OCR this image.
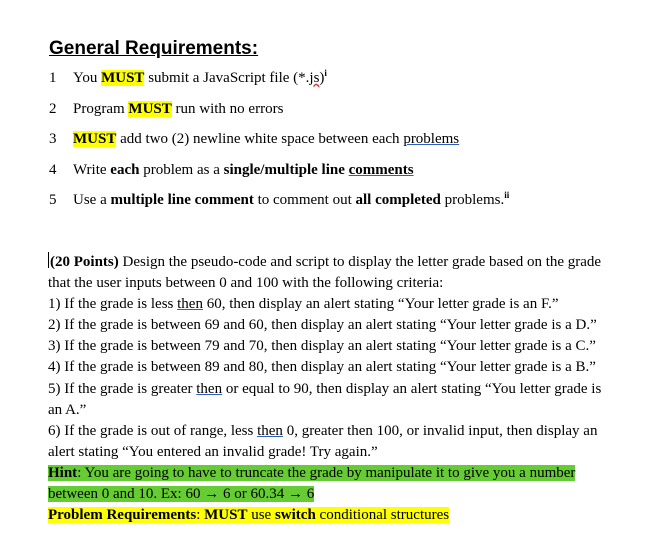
General Requirements:
1 You MUST submit a JavaScript file $(*.js)^i$
2 Program MUST run with no errors
3 MUST add two (2) newline white space between each problems
4 Write each problem as a single/multiple line comments
5 Use a multiple line comment to comment out all completed problems.$^{ii}$
(20 Points) Design the pseudo-code and script to display the letter grade based on the grade
that the user inputs between 0 and 100 with the following criteria:
1) If the grade is less then 60, then display an alert stating “Your letter grade is an F.”
2) If the grade is between 69 and 60, then display an alert stating “Your letter grade is a D.”
3) If the grade is between 79 and 70, then display an alert stating “Your letter grade is a C.”
4) If the grade is between 89 and 80, then display an alert stating “Your letter grade is a B.”
5) If the grade is greater then or equal to 90, then display an alert stating “You letter grade is
an A.”
6) If the grade is out of range, less then 0, greater then 100, or invalid input, then display an
alert stating “You entered an invalid grade! Try again.”
Hint: You are going to have to truncate the grade by manipulate it to give you a number
between 0 and 10. Ex: 60 → 6 or 60.34 → 6
Problem Requirements: MUST use switch conditional structures
